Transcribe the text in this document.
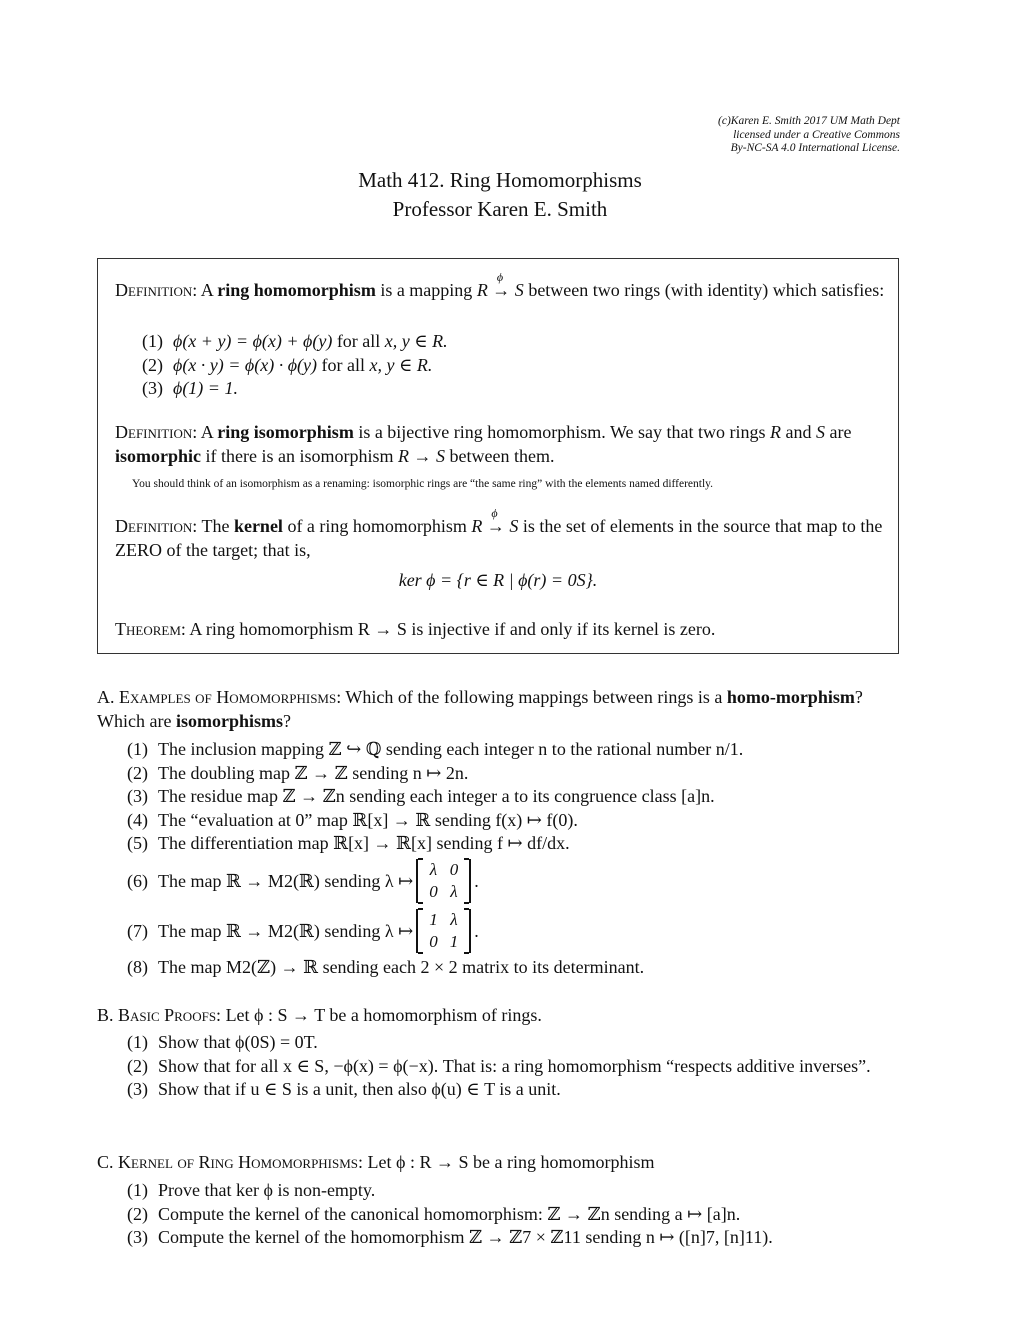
(c)Karen E. Smith 2017 UM Math Dept
licensed under a Creative Commons
By-NC-SA 4.0 International License.
Math 412. Ring Homomorphisms
Professor Karen E. Smith

Definition: A ring homomorphism is a mapping R → S
ϕ
between two rings (with identity) which satisfies:

(1) ϕ(x + y) = ϕ(x) + ϕ(y) for all x, y ∈ R.
(2) ϕ(x · y) = ϕ(x) · ϕ(y) for all x, y ∈ R.
(3) ϕ(1) = 1.

Definition: A ring isomorphism is a bijective ring homomorphism. We say that two rings R and S are isomorphic if there is an isomorphism R → S between them.

You should think of an isomorphism as a renaming: isomorphic rings are “the same ring” with the elements named differently.

Definition: The kernel of a ring homomorphism R → S
ϕ
is the set of elements in the source that map to the ZERO of the target; that is,

ker ϕ = {r ∈ R | ϕ(r) = 0S}.

Theorem: A ring homomorphism R → S is injective if and only if its kernel is zero.

A. Examples of Homomorphisms: Which of the following mappings between rings is a homo-morphism? Which are isomorphisms?

(1) The inclusion mapping ℤ ↪ ℚ sending each integer n to the rational number n/1.
(2) The doubling map ℤ → ℤ sending n ↦ 2n.
(3) The residue map ℤ → ℤn sending each integer a to its congruence class [a]n.
(4) The “evaluation at 0” map ℝ[x] → ℝ sending f(x) ↦ f(0).
(5) The differentiation map ℝ[x] → ℝ[x] sending f ↦ df/dx.
(6) The map ℝ → M2(ℝ) sending λ ↦
λ	0
0	λ
.
(7) The map ℝ → M2(ℝ) sending λ ↦
1	λ
0	1
.
(8) The map M2(ℤ) → ℝ sending each 2 × 2 matrix to its determinant.

B. Basic Proofs: Let ϕ : S → T be a homomorphism of rings.

(1) Show that ϕ(0S) = 0T.
(2) Show that for all x ∈ S, −ϕ(x) = ϕ(−x). That is: a ring homomorphism “respects additive inverses”.
(3) Show that if u ∈ S is a unit, then also ϕ(u) ∈ T is a unit.

C. Kernel of Ring Homomorphisms: Let ϕ : R → S be a ring homomorphism

(1) Prove that ker ϕ is non-empty.
(2) Compute the kernel of the canonical homomorphism: ℤ → ℤn sending a ↦ [a]n.
(3) Compute the kernel of the homomorphism ℤ → ℤ7 × ℤ11 sending n ↦ ([n]7, [n]11).
